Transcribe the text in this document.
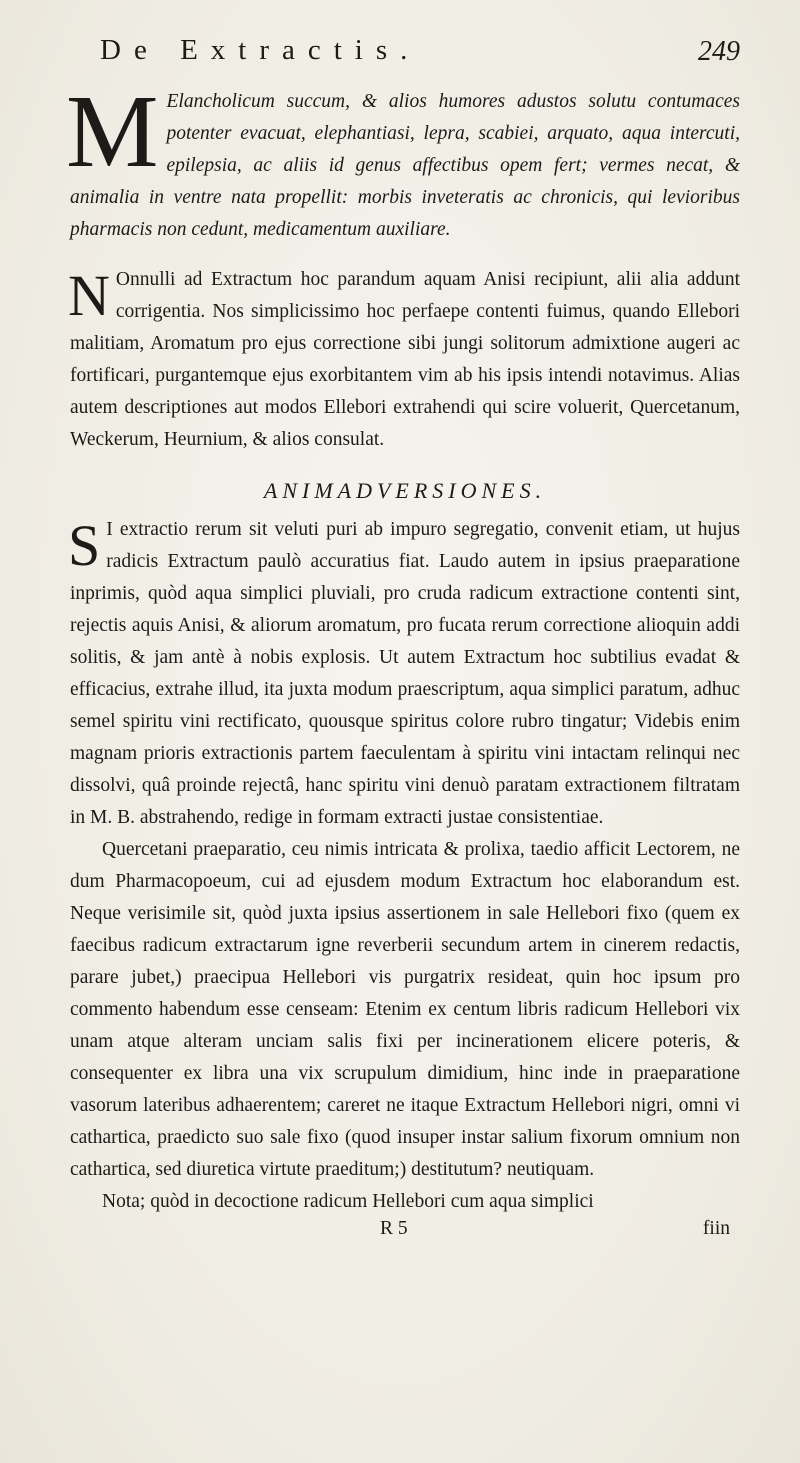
De Extractis.	249

M Elancholicum succum, & alios humores adustos solutu contumaces potenter evacuat, elephantiasi, lepra, scabiei, arquato, aqua intercuti, epilepsia, ac aliis id genus affectibus opem fert; vermes necat, & animalia in ventre nata propellit: morbis inveteratis ac chronicis, qui levioribus pharmacis non cedunt, medicamentum auxiliare.

N Onnulli ad Extractum hoc parandum aquam Anisi recipiunt, alii alia addunt corrigentia. Nos simplicissimo hoc perfaepe contenti fuimus, quando Ellebori malitiam, Aromatum pro ejus correctione sibi jungi solitorum admixtione augeri ac fortificari, purgantemque ejus exorbitantem vim ab his ipsis intendi notavimus. Alias autem descriptiones aut modos Ellebori extrahendi qui scire voluerit, Quercetanum, Weckerum, Heurnium, & alios consulat.

ANIMADVERSIONES.

S I extractio rerum sit veluti puri ab impuro segregatio, convenit etiam, ut hujus radicis Extractum paulò accuratius fiat. Laudo autem in ipsius praeparatione inprimis, quòd aqua simplici pluviali, pro cruda radicum extractione contenti sint, rejectis aquis Anisi, & aliorum aromatum, pro fucata rerum correctione alioquin addi solitis, & jam antè à nobis explosis. Ut autem Extractum hoc subtilius evadat & efficacius, extrahe illud, ita juxta modum praescriptum, aqua simplici paratum, adhuc semel spiritu vini rectificato, quousque spiritus colore rubro tingatur; Videbis enim magnam prioris extractionis partem faeculentam à spiritu vini intactam relinqui nec dissolvi, quâ proinde rejectâ, hanc spiritu vini denuò paratam extractionem filtratam in M. B. abstrahendo, redige in formam extracti justae consistentiae.

Quercetani praeparatio, ceu nimis intricata & prolixa, taedio afficit Lectorem, ne dum Pharmacopoeum, cui ad ejusdem modum Extractum hoc elaborandum est. Neque verisimile sit, quòd juxta ipsius assertionem in sale Hellebori fixo (quem ex faecibus radicum extractarum igne reverberii secundum artem in cinerem redactis, parare jubet,) praecipua Hellebori vis purgatrix resideat, quin hoc ipsum pro commento habendum esse censeam: Etenim ex centum libris radicum Hellebori vix unam atque alteram unciam salis fixi per incinerationem elicere poteris, & consequenter ex libra una vix scrupulum dimidium, hinc inde in praeparatione vasorum lateribus adhaerentem; careret ne itaque Extractum Hellebori nigri, omni vi cathartica, praedicto suo sale fixo (quod insuper instar salium fixorum omnium non cathartica, sed diuretica virtute praeditum;) destitutum? neutiquam.

Nota; quòd in decoctione radicum Hellebori cum aqua simplici

R 5	fiin
